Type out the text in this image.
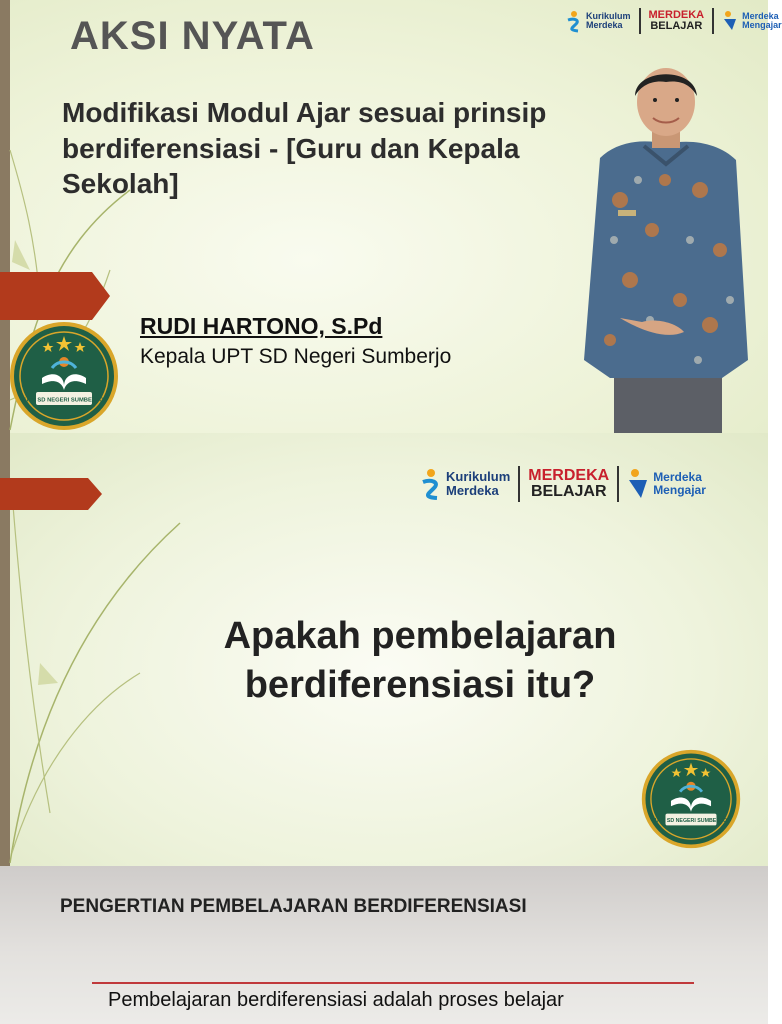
Kurikulum
Merdeka
MERDEKA
BELAJAR
Merdeka
Mengajar
AKSI NYATA

Modifikasi Modul Ajar sesuai prinsip berdiferensiasi - [Guru dan Kepala Sekolah]

RUDI HARTONO, S.Pd
Kepala UPT SD Negeri Sumberjo
UPT SD NEGERI SUMBERJO
Kurikulum
Merdeka
MERDEKA
BELAJAR
Merdeka
Mengajar

Apakah pembelajaran berdiferensiasi itu?

UPT SD NEGERI SUMBERJO
PENGERTIAN PEMBELAJARAN BERDIFERENSIASI

Pembelajaran berdiferensiasi adalah proses belajar
